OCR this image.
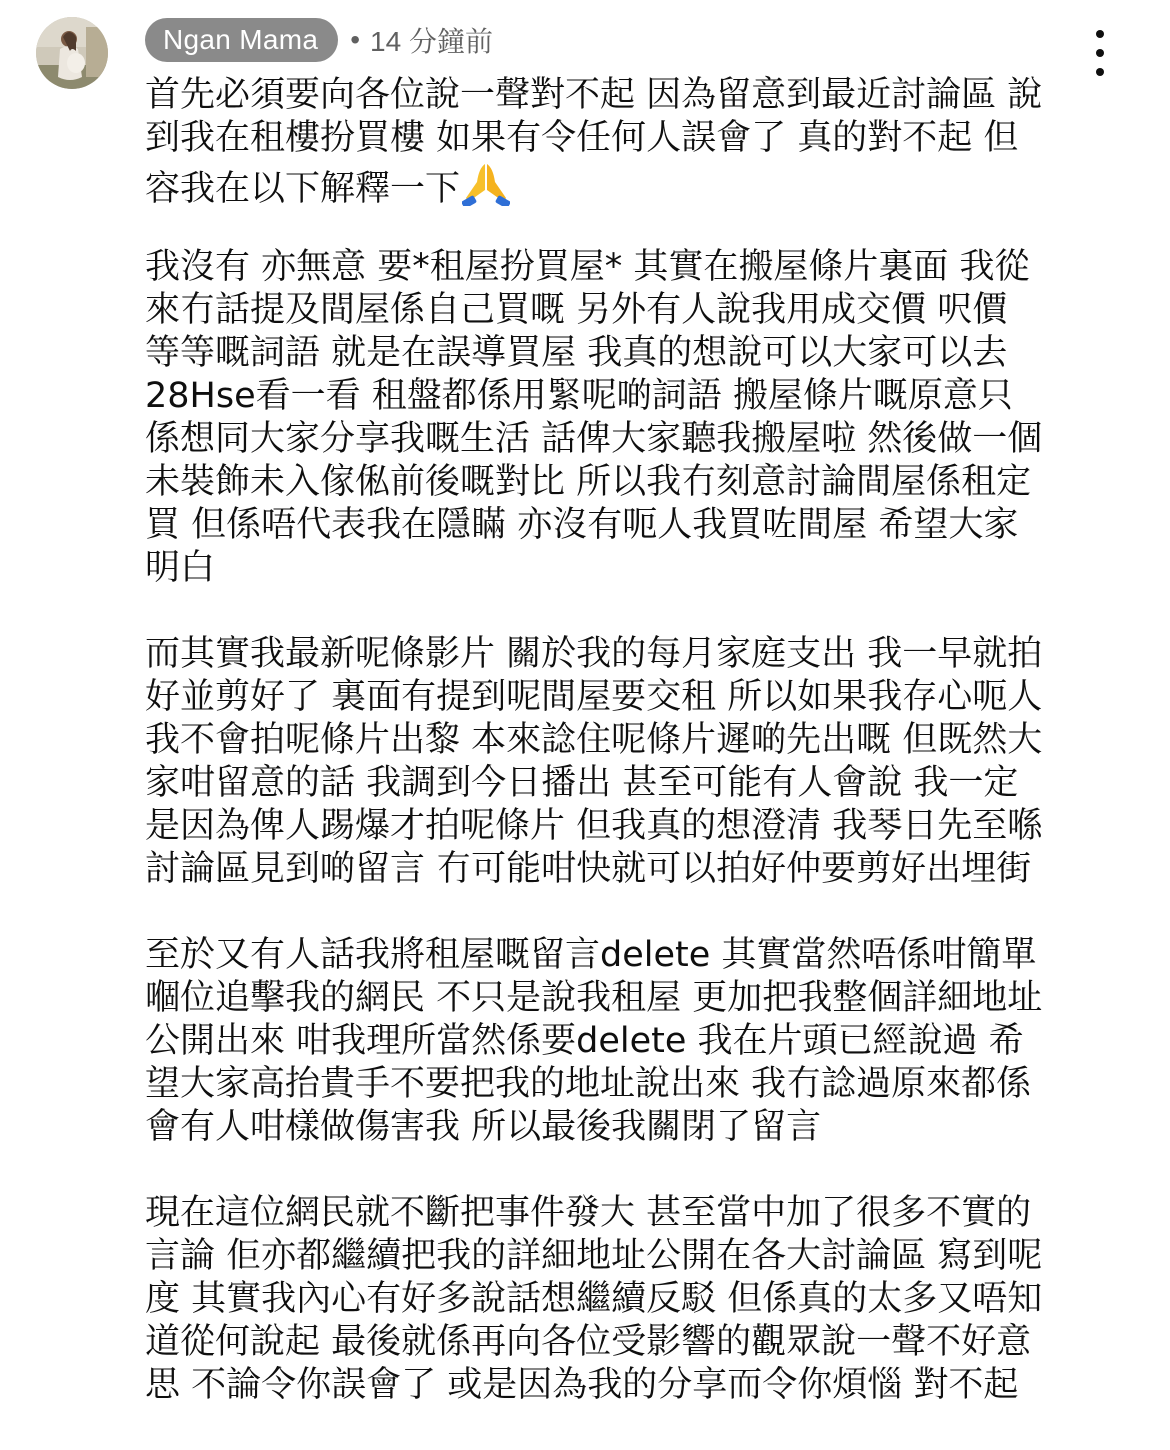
Ngan Mama	• 14 分鐘前

首先必須要向各位說一聲對不起 因為留意到最近討論區 說
到我在租樓扮買樓 如果有令任何人誤會了 真的對不起 但
容我在以下解釋一下

我沒有 亦無意 要*租屋扮買屋* 其實在搬屋條片裏面 我從
來冇話提及間屋係自己買嘅 另外有人說我用成交價 呎價
等等嘅詞語 就是在誤導買屋 我真的想說可以大家可以去
28Hse看一看 租盤都係用緊呢啲詞語 搬屋條片嘅原意只
係想同大家分享我嘅生活 話俾大家聽我搬屋啦 然後做一個
未裝飾未入傢俬前後嘅對比 所以我冇刻意討論間屋係租定
買 但係唔代表我在隱瞞 亦沒有呃人我買咗間屋 希望大家
明白

而其實我最新呢條影片 關於我的每月家庭支出 我一早就拍
好並剪好了 裏面有提到呢間屋要交租 所以如果我存心呃人
我不會拍呢條片出黎 本來諗住呢條片遲啲先出嘅 但既然大
家咁留意的話 我調到今日播出 甚至可能有人會說 我一定
是因為俾人踢爆才拍呢條片 但我真的想澄清 我琴日先至喺
討論區見到啲留言 冇可能咁快就可以拍好仲要剪好出埋街

至於又有人話我將租屋嘅留言delete 其實當然唔係咁簡單
嗰位追擊我的網民 不只是說我租屋 更加把我整個詳細地址
公開出來 咁我理所當然係要delete 我在片頭已經說過 希
望大家高抬貴手不要把我的地址說出來 我冇諗過原來都係
會有人咁樣做傷害我 所以最後我關閉了留言

現在這位網民就不斷把事件發大 甚至當中加了很多不實的
言論 佢亦都繼續把我的詳細地址公開在各大討論區 寫到呢
度 其實我內心有好多說話想繼續反駁 但係真的太多又唔知
道從何說起 最後就係再向各位受影響的觀眾說一聲不好意
思 不論令你誤會了 或是因為我的分享而令你煩惱 對不起
